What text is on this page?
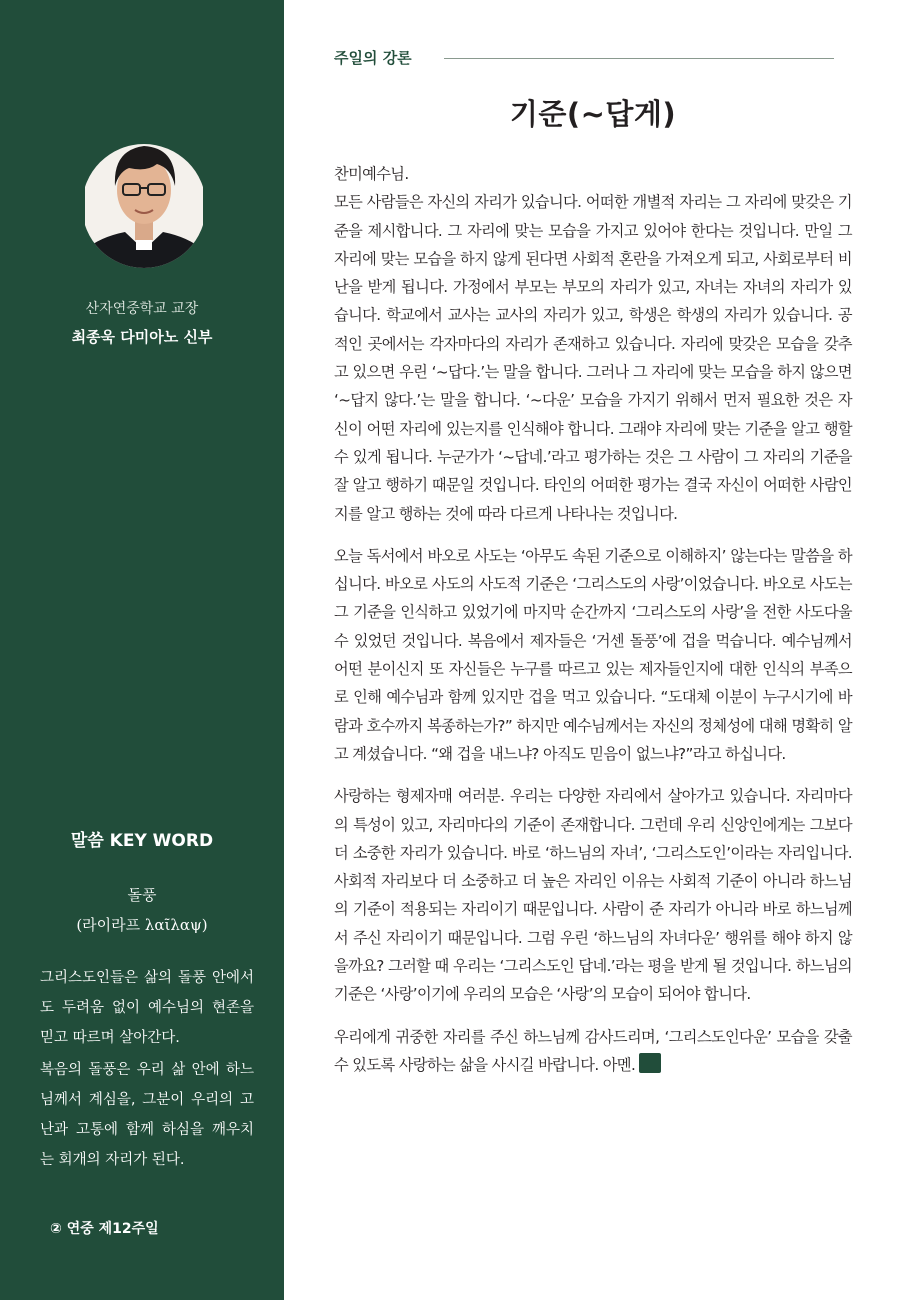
산자연중학교 교장
최종욱 다미아노 신부
말씀 KEY WORD
돌풍
(라이라프 λαῖλαψ)
그리스도인들은 삶의 돌풍 안에서도 두려움 없이 예수님의 현존을 믿고 따르며 살아간다.
복음의 돌풍은 우리 삶 안에 하느님께서 계심을, 그분이 우리의 고난과 고통에 함께 하심을 깨우치는 회개의 자리가 된다.
② 연중 제12주일
주일의 강론
기준(~답게)

찬미예수님.

모든 사람들은 자신의 자리가 있습니다. 어떠한 개별적 자리는 그 자리에 맞갖은 기준을 제시합니다. 그 자리에 맞는 모습을 가지고 있어야 한다는 것입니다. 만일 그 자리에 맞는 모습을 하지 않게 된다면 사회적 혼란을 가져오게 되고, 사회로부터 비난을 받게 됩니다. 가정에서 부모는 부모의 자리가 있고, 자녀는 자녀의 자리가 있습니다. 학교에서 교사는 교사의 자리가 있고, 학생은 학생의 자리가 있습니다. 공적인 곳에서는 각자마다의 자리가 존재하고 있습니다. 자리에 맞갖은 모습을 갖추고 있으면 우린 ‘~답다.’는 말을 합니다. 그러나 그 자리에 맞는 모습을 하지 않으면 ‘~답지 않다.’는 말을 합니다. ‘~다운’ 모습을 가지기 위해서 먼저 필요한 것은 자신이 어떤 자리에 있는지를 인식해야 합니다. 그래야 자리에 맞는 기준을 알고 행할 수 있게 됩니다. 누군가가 ‘~답네.’라고 평가하는 것은 그 사람이 그 자리의 기준을 잘 알고 행하기 때문일 것입니다. 타인의 어떠한 평가는 결국 자신이 어떠한 사람인지를 알고 행하는 것에 따라 다르게 나타나는 것입니다.

오늘 독서에서 바오로 사도는 ‘아무도 속된 기준으로 이해하지’ 않는다는 말씀을 하십니다. 바오로 사도의 사도적 기준은 ‘그리스도의 사랑’이었습니다. 바오로 사도는 그 기준을 인식하고 있었기에 마지막 순간까지 ‘그리스도의 사랑’을 전한 사도다울 수 있었던 것입니다. 복음에서 제자들은 ‘거센 돌풍’에 겁을 먹습니다. 예수님께서 어떤 분이신지 또 자신들은 누구를 따르고 있는 제자들인지에 대한 인식의 부족으로 인해 예수님과 함께 있지만 겁을 먹고 있습니다. “도대체 이분이 누구시기에 바람과 호수까지 복종하는가?” 하지만 예수님께서는 자신의 정체성에 대해 명확히 알고 계셨습니다. “왜 겁을 내느냐? 아직도 믿음이 없느냐?”라고 하십니다.

사랑하는 형제자매 여러분. 우리는 다양한 자리에서 살아가고 있습니다. 자리마다의 특성이 있고, 자리마다의 기준이 존재합니다. 그런데 우리 신앙인에게는 그보다 더 소중한 자리가 있습니다. 바로 ‘하느님의 자녀’, ‘그리스도인’이라는 자리입니다. 사회적 자리보다 더 소중하고 더 높은 자리인 이유는 사회적 기준이 아니라 하느님의 기준이 적용되는 자리이기 때문입니다. 사람이 준 자리가 아니라 바로 하느님께서 주신 자리이기 때문입니다. 그럼 우린 ‘하느님의 자녀다운’ 행위를 해야 하지 않을까요? 그러할 때 우리는 ‘그리스도인 답네.’라는 평을 받게 될 것입니다. 하느님의 기준은 ‘사랑’이기에 우리의 모습은 ‘사랑’의 모습이 되어야 합니다.

우리에게 귀중한 자리를 주신 하느님께 감사드리며, ‘그리스도인다운’ 모습을 갖출 수 있도록 사랑하는 삶을 사시길 바랍니다. 아멘.
